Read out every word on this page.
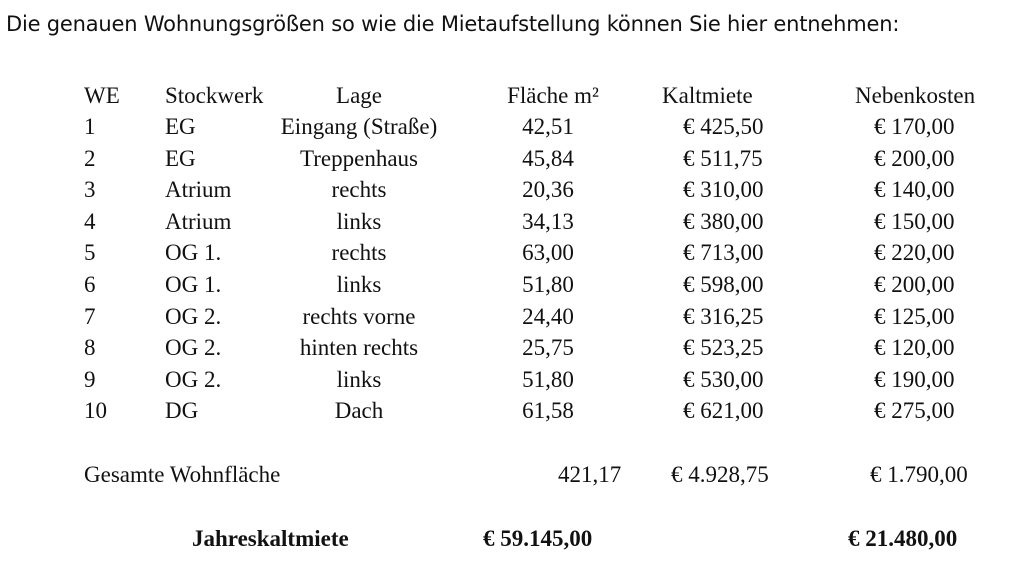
Die genauen Wohnungsgrößen so wie die Mietaufstellung können Sie hier entnehmen:
WE Stockwerk	Lage	Fläche m²	Kaltmiete	Nebenkosten
1	EG	Eingang (Straße)	42,51	€ 425,50	€ 170,00
2	EG	Treppenhaus	45,84	€ 511,75	€ 200,00
3	Atrium	rechts	20,36	€ 310,00	€ 140,00
4	Atrium	links	34,13	€ 380,00	€ 150,00
5	OG 1.	rechts	63,00	€ 713,00	€ 220,00
6	OG 1.	links	51,80	€ 598,00	€ 200,00
7	OG 2.	rechts vorne	24,40	€ 316,25	€ 125,00
8	OG 2.	hinten rechts	25,75	€ 523,25	€ 120,00
9	OG 2.	links	51,80	€ 530,00	€ 190,00
10	DG	Dach	61,58	€ 621,00	€ 275,00
Gesamte Wohnfläche	421,17 € 4.928,75	€ 1.790,00
Jahreskaltmiete	€ 59.145,00	€ 21.480,00
